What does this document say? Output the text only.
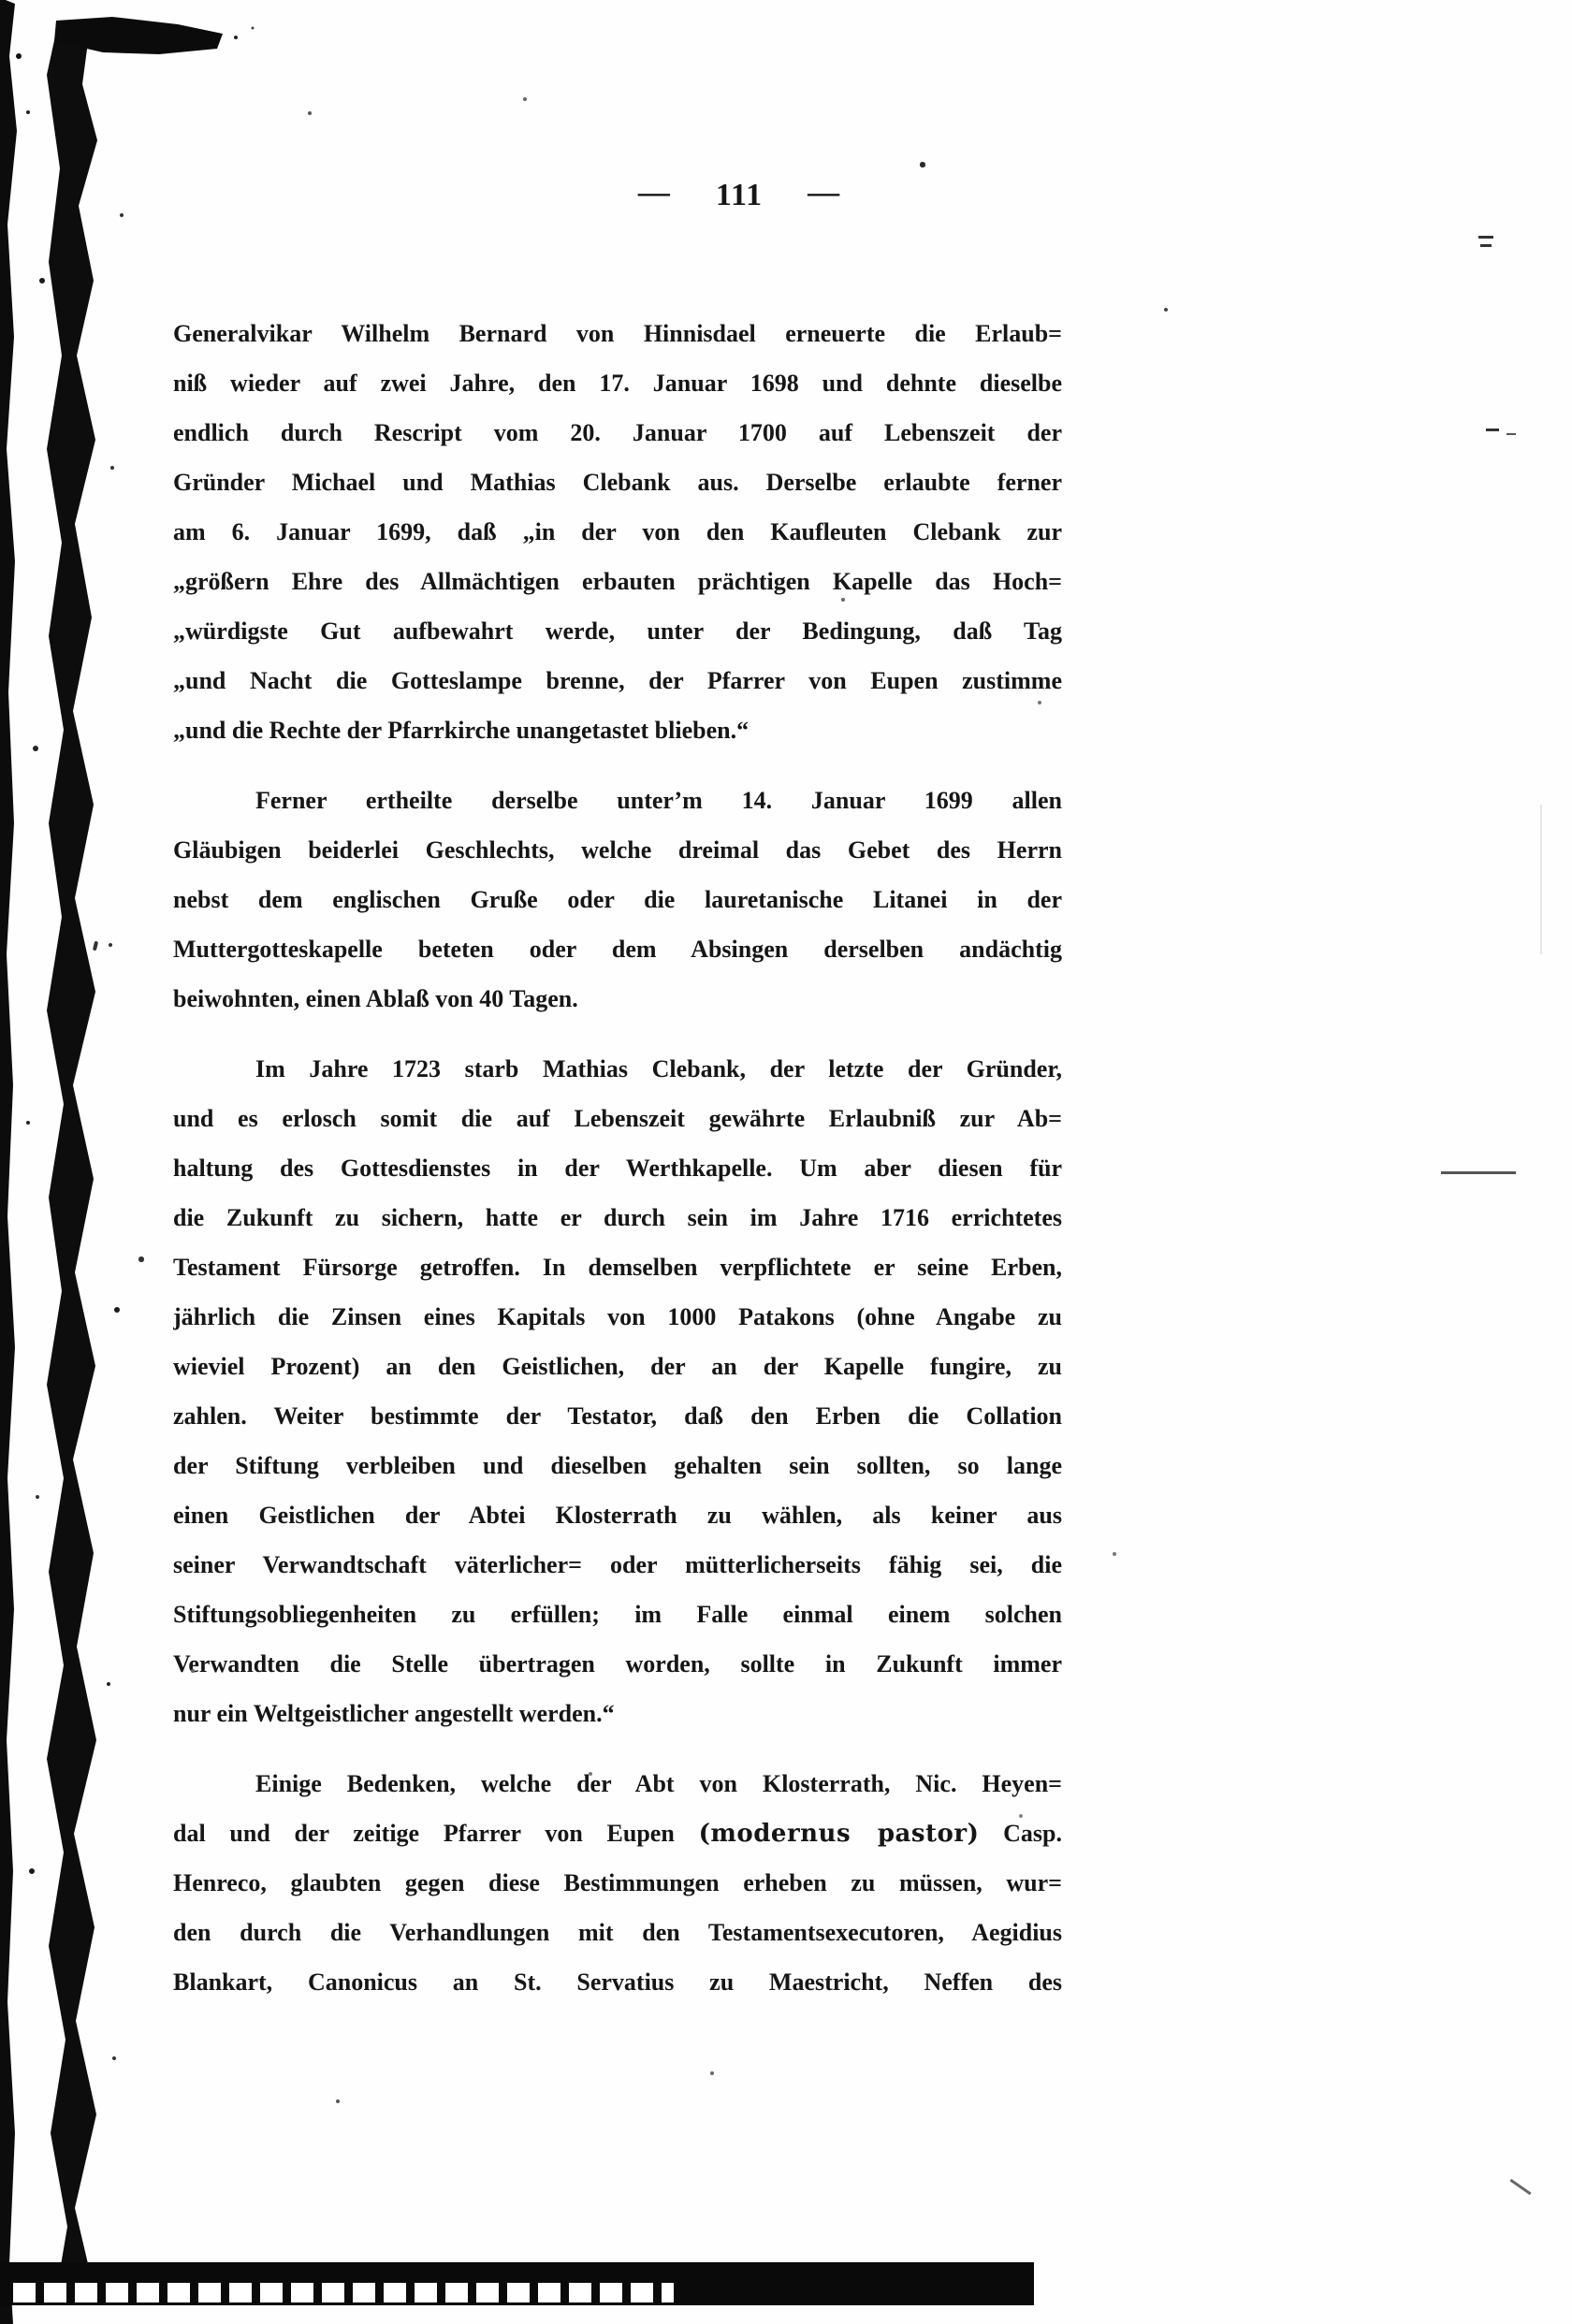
— 111 —
Generalvikar Wilhelm Bernard von Hinnisdael erneuerte die Erlaub=
niß wieder auf zwei Jahre, den 17. Januar 1698 und dehnte dieselbe
endlich durch Rescript vom 20. Januar 1700 auf Lebenszeit der
Gründer Michael und Mathias Clebank aus. Derselbe erlaubte ferner
am 6. Januar 1699, daß „in der von den Kaufleuten Clebank zur
„größern Ehre des Allmächtigen erbauten prächtigen Kapelle das Hoch=
„würdigste Gut aufbewahrt werde, unter der Bedingung, daß Tag
„und Nacht die Gotteslampe brenne, der Pfarrer von Eupen zustimme
„und die Rechte der Pfarrkirche unangetastet blieben.“
Ferner ertheilte derselbe unter’m 14. Januar 1699 allen
Gläubigen beiderlei Geschlechts, welche dreimal das Gebet des Herrn
nebst dem englischen Gruße oder die lauretanische Litanei in der
Muttergotteskapelle beteten oder dem Absingen derselben andächtig
beiwohnten, einen Ablaß von 40 Tagen.
Im Jahre 1723 starb Mathias Clebank, der letzte der Gründer,
und es erlosch somit die auf Lebenszeit gewährte Erlaubniß zur Ab=
haltung des Gottesdienstes in der Werthkapelle. Um aber diesen für
die Zukunft zu sichern, hatte er durch sein im Jahre 1716 errichtetes
Testament Fürsorge getroffen. In demselben verpflichtete er seine Erben,
jährlich die Zinsen eines Kapitals von 1000 Patakons (ohne Angabe zu
wieviel Prozent) an den Geistlichen, der an der Kapelle fungire, zu
zahlen. Weiter bestimmte der Testator, daß den Erben die Collation
der Stiftung verbleiben und dieselben gehalten sein sollten, so lange
einen Geistlichen der Abtei Klosterrath zu wählen, als keiner aus
seiner Verwandtschaft väterlicher= oder mütterlicherseits fähig sei, die
Stiftungsobliegenheiten zu erfüllen; im Falle einmal einem solchen
Verwandten die Stelle übertragen worden, sollte in Zukunft immer
nur ein Weltgeistlicher angestellt werden.“
Einige Bedenken, welche der Abt von Klosterrath, Nic. Heyen=
dal und der zeitige Pfarrer von Eupen (modernus pastor) Casp.
Henreco, glaubten gegen diese Bestimmungen erheben zu müssen, wur=
den durch die Verhandlungen mit den Testamentsexecutoren, Aegidius
Blankart, Canonicus an St. Servatius zu Maestricht, Neffen des
